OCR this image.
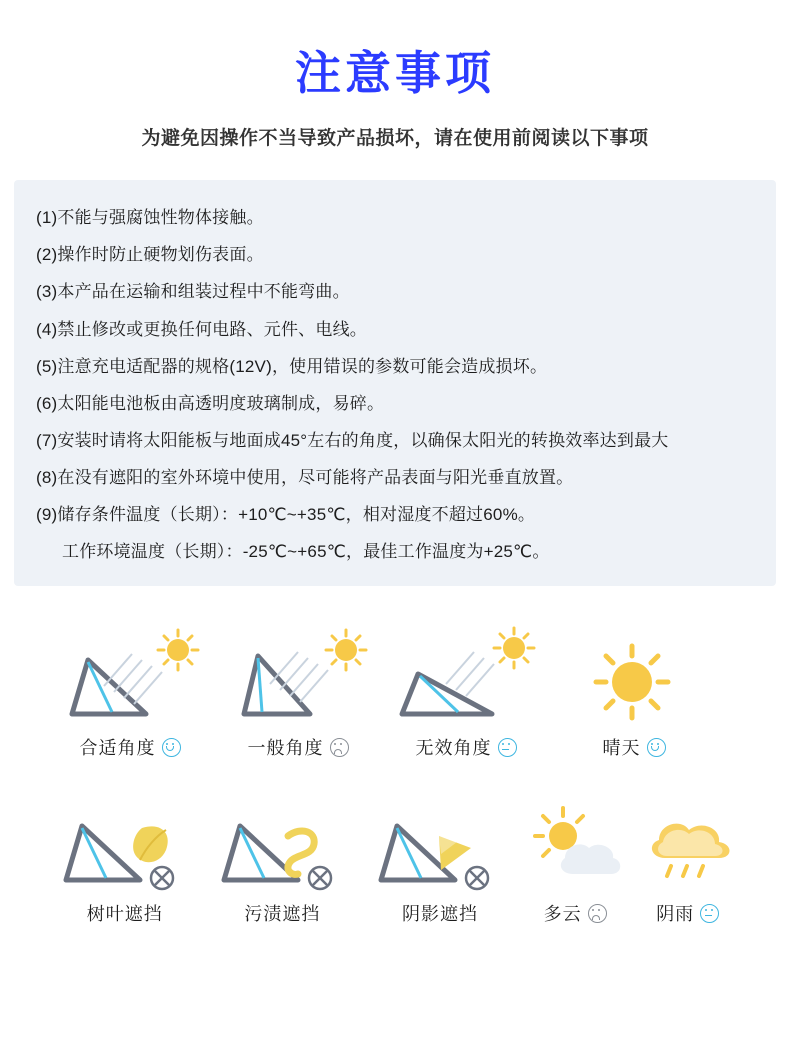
注意事项
为避免因操作不当导致产品损坏，请在使用前阅读以下事项
(1)不能与强腐蚀性物体接触。
(2)操作时防止硬物划伤表面。
(3)本产品在运输和组装过程中不能弯曲。
(4)禁止修改或更换任何电路、元件、电线。
(5)注意充电适配器的规格(12V)，使用错误的参数可能会造成损坏。
(6)太阳能电池板由高透明度玻璃制成，易碎。
(7)安装时请将太阳能板与地面成45°左右的角度，以确保太阳光的转换效率达到最大
(8)在没有遮阳的室外环境中使用，尽可能将产品表面与阳光垂直放置。
(9)储存条件温度（长期）：+10℃~+35℃，相对湿度不超过60%。
工作环境温度（长期）：-25℃~+65℃，最佳工作温度为+25℃。
合适角度	一般角度	无效角度	晴天
树叶遮挡	污渍遮挡	阴影遮挡	多云	阴雨
